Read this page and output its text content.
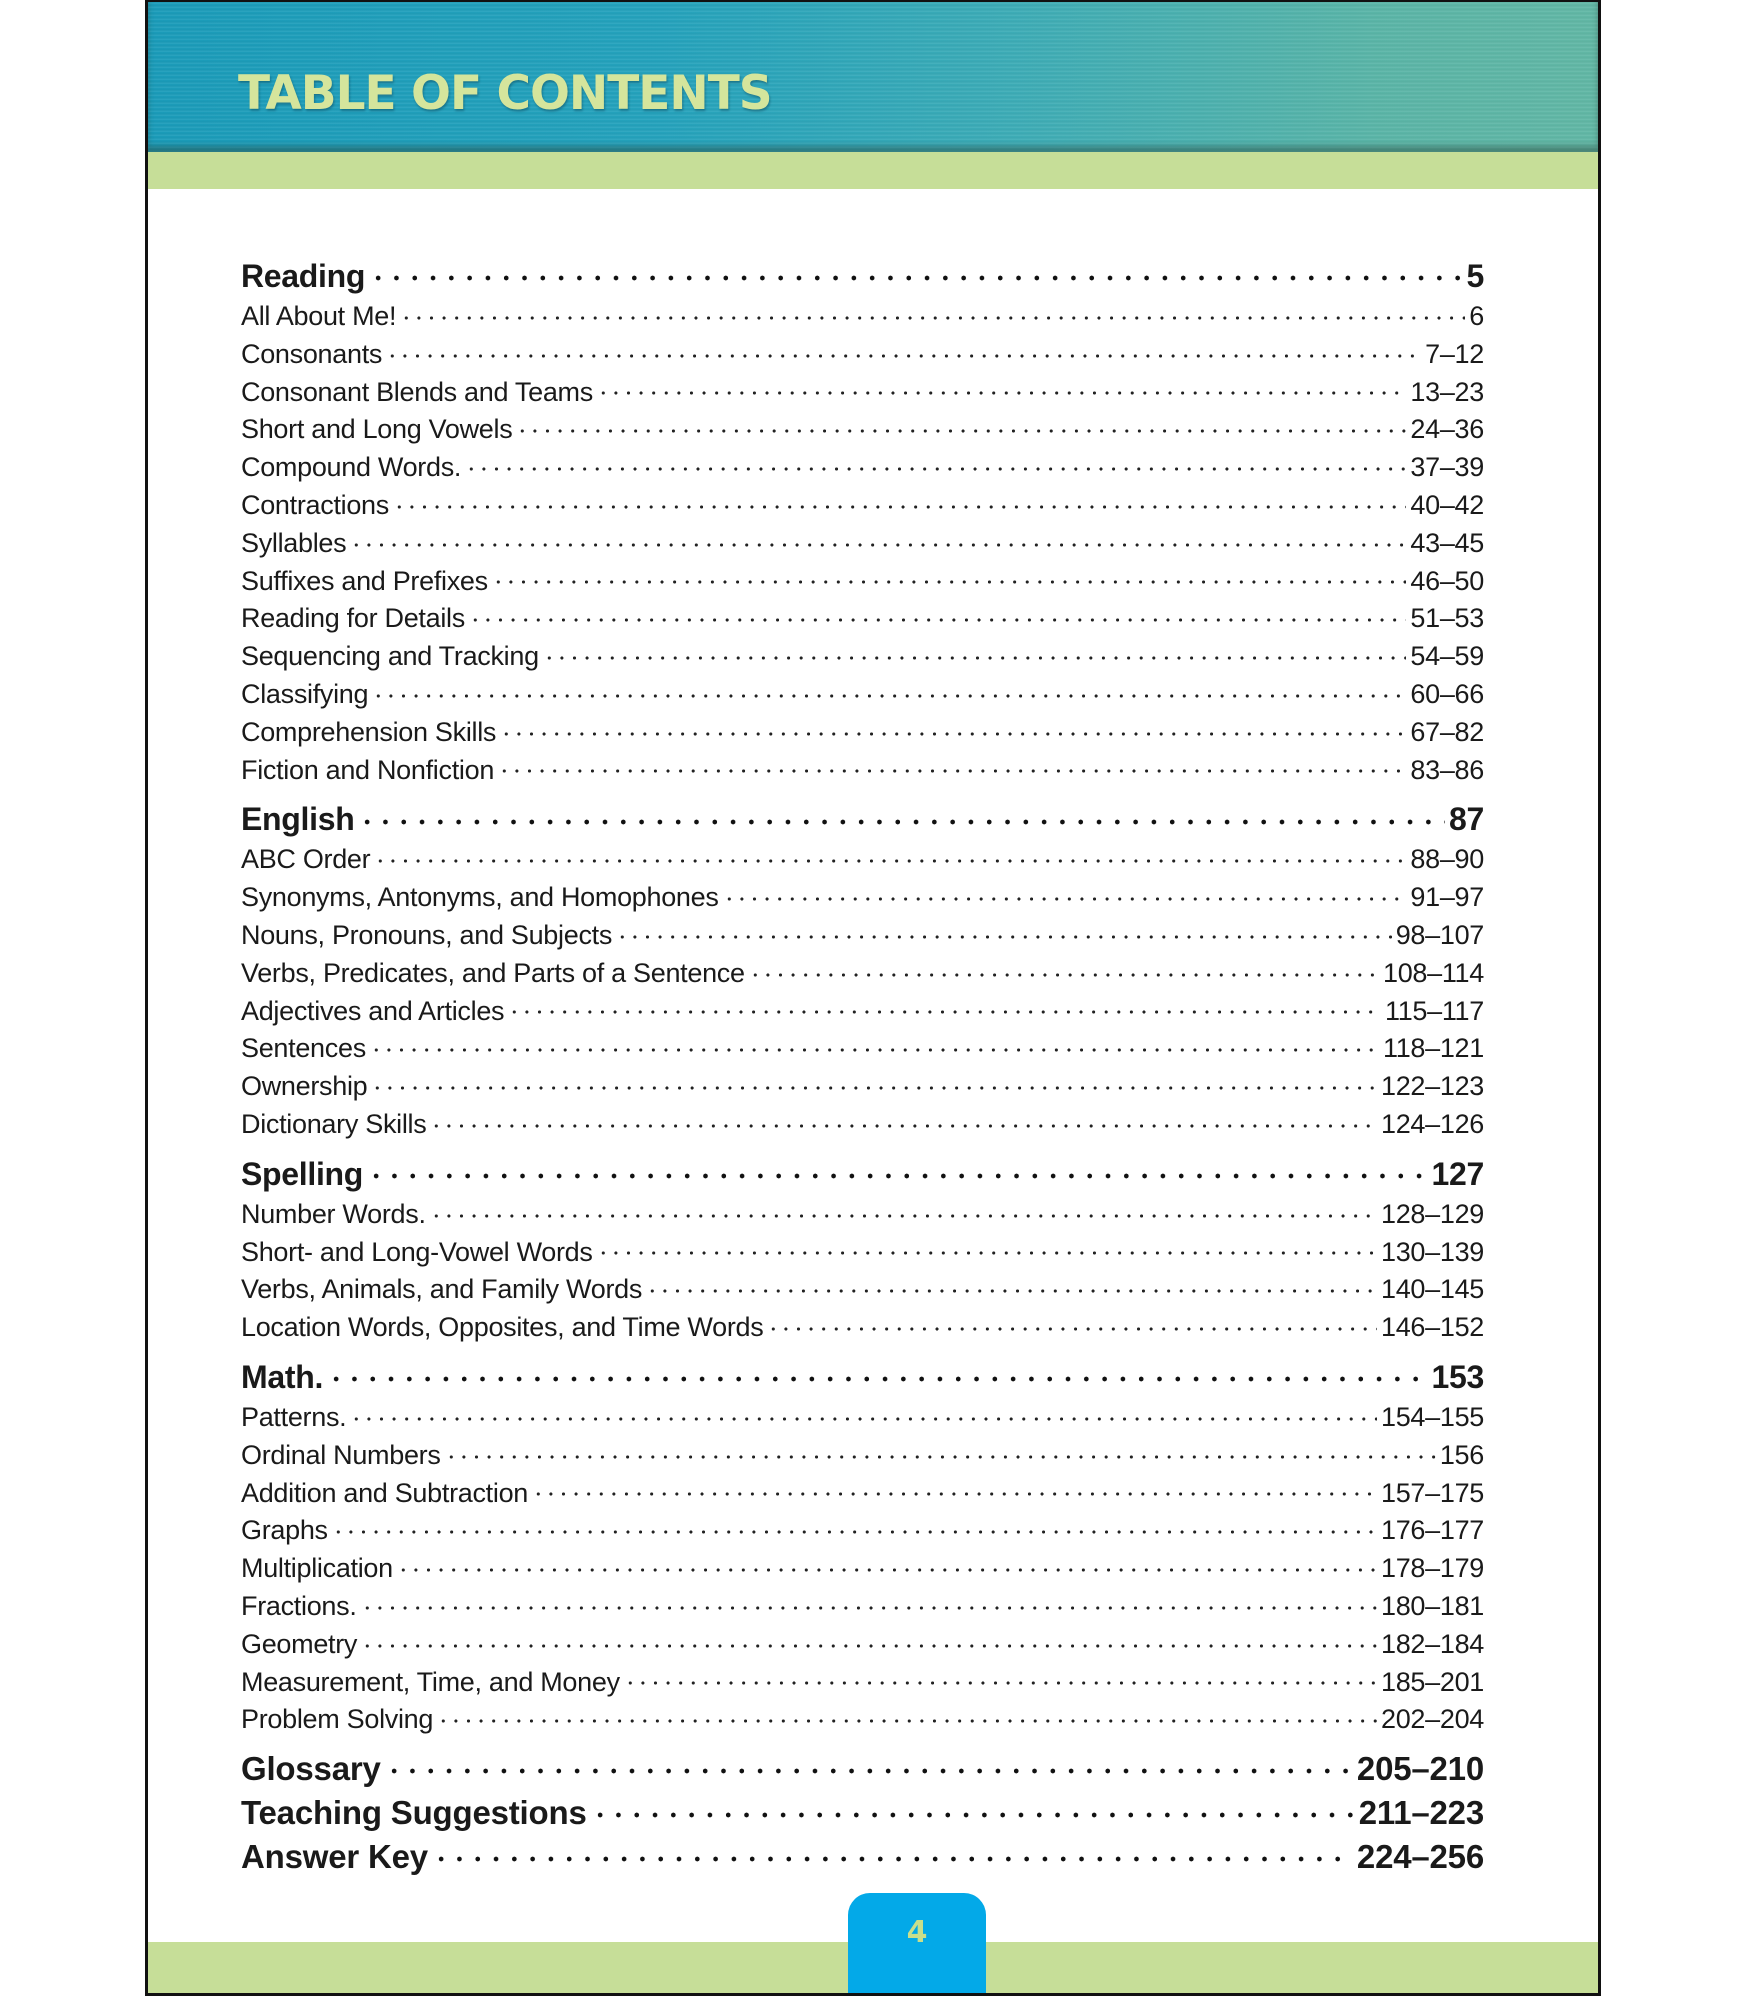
TABLE OF CONTENTS
Reading	5
All About Me!	6
Consonants	7–12
Consonant Blends and Teams	13–23
Short and Long Vowels	24–36
Compound Words.	37–39
Contractions	40–42
Syllables	43–45
Suffixes and Prefixes	46–50
Reading for Details	51–53
Sequencing and Tracking	54–59
Classifying	60–66
Comprehension Skills	67–82
Fiction and Nonfiction	83–86
English	87
ABC Order	88–90
Synonyms, Antonyms, and Homophones	91–97
Nouns, Pronouns, and Subjects	98–107
Verbs, Predicates, and Parts of a Sentence	108–114
Adjectives and Articles	115–117
Sentences	118–121
Ownership	122–123
Dictionary Skills	124–126
Spelling	127
Number Words.	128–129
Short- and Long-Vowel Words	130–139
Verbs, Animals, and Family Words	140–145
Location Words, Opposites, and Time Words	146–152
Math.	153
Patterns.	154–155
Ordinal Numbers	156
Addition and Subtraction	157–175
Graphs	176–177
Multiplication	178–179
Fractions.	180–181
Geometry	182–184
Measurement, Time, and Money	185–201
Problem Solving	202–204
Glossary	205–210
Teaching Suggestions	211–223
Answer Key	224–256
4
